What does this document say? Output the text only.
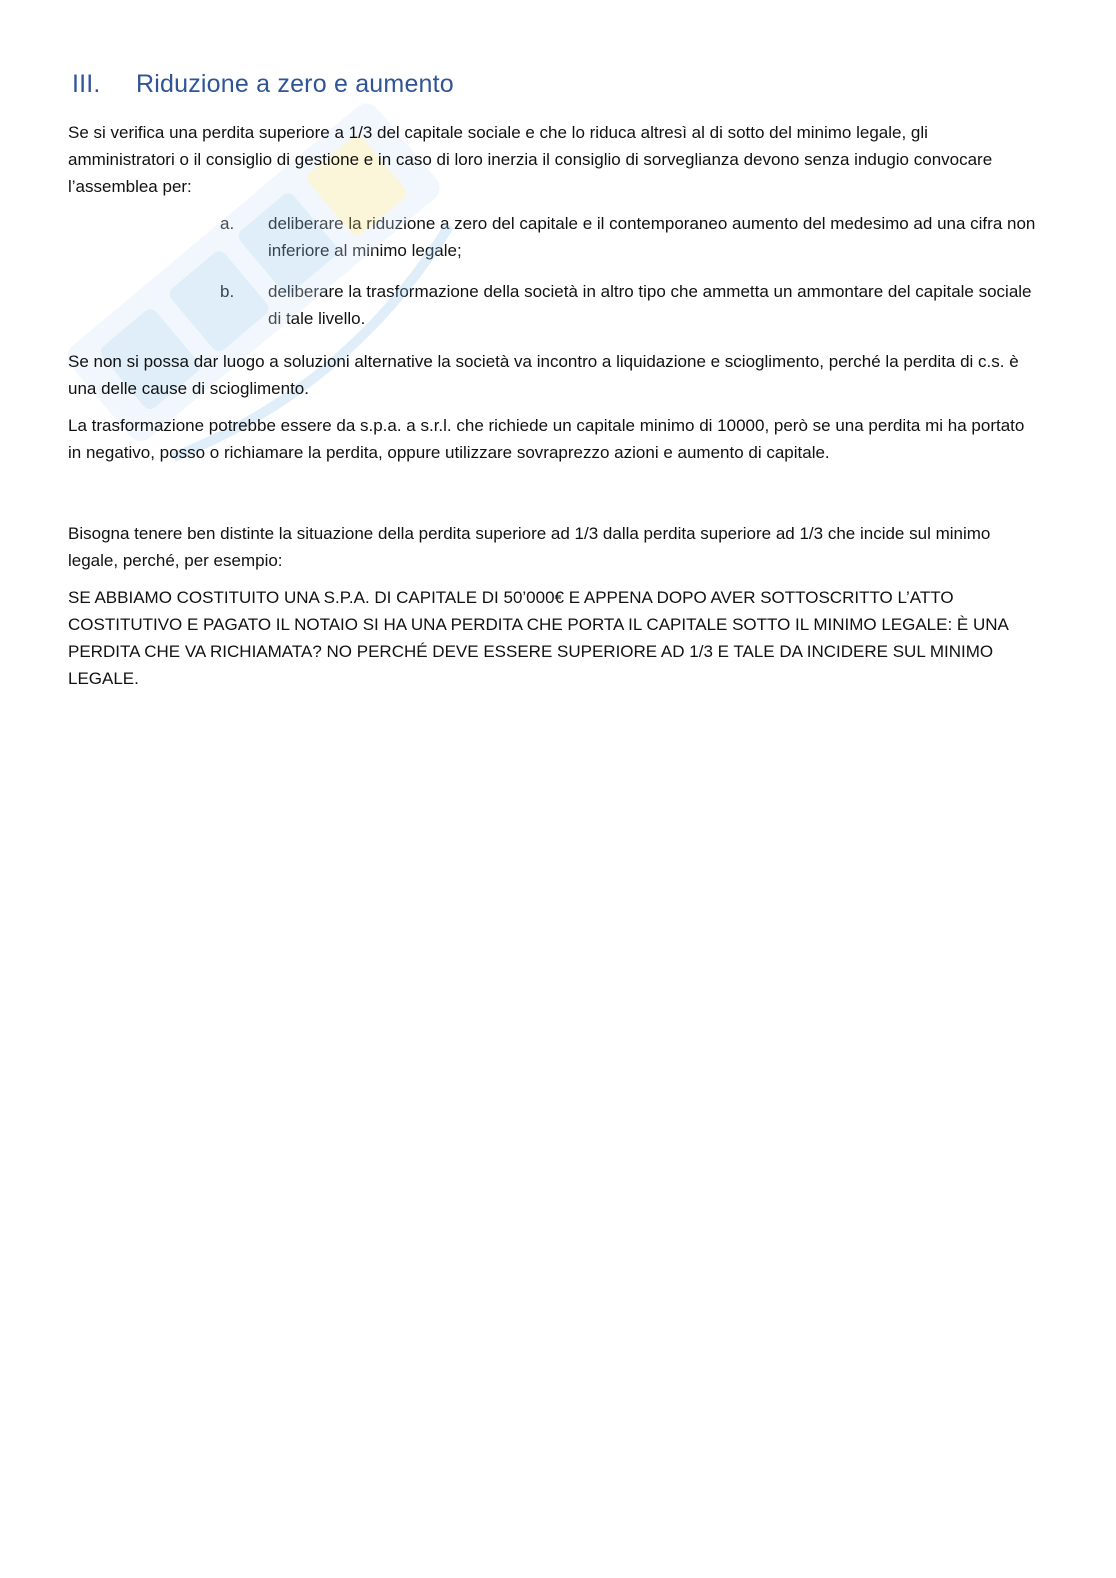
III.	Riduzione a zero e aumento

Se si verifica una perdita superiore a 1/3 del capitale sociale e che lo riduca altresì al di sotto del minimo legale, gli amministratori o il consiglio di gestione e in caso di loro inerzia il consiglio di sorveglianza devono senza indugio convocare l’assemblea per:

a.	deliberare la riduzione a zero del capitale e il contemporaneo aumento del medesimo ad una cifra non inferiore al minimo legale;
b.	deliberare la trasformazione della società in altro tipo che ammetta un ammontare del capitale sociale di tale livello.

Se non si possa dar luogo a soluzioni alternative la società va incontro a liquidazione e scioglimento, perché la perdita di c.s. è una delle cause di scioglimento.

La trasformazione potrebbe essere da s.p.a. a s.r.l. che richiede un capitale minimo di 10000, però se una perdita mi ha portato in negativo, posso o richiamare la perdita, oppure utilizzare sovraprezzo azioni e aumento di capitale.

Bisogna tenere ben distinte la situazione della perdita superiore ad 1/3 dalla perdita superiore ad 1/3 che incide sul minimo legale, perché, per esempio:

SE ABBIAMO COSTITUITO UNA S.P.A. DI CAPITALE DI 50’000€ E APPENA DOPO AVER SOTTOSCRITTO L’ATTO COSTITUTIVO E PAGATO IL NOTAIO SI HA UNA PERDITA CHE PORTA IL CAPITALE SOTTO IL MINIMO LEGALE: È UNA PERDITA CHE VA RICHIAMATA? NO PERCHÉ DEVE ESSERE SUPERIORE AD 1/3 E TALE DA INCIDERE SUL MINIMO LEGALE.
